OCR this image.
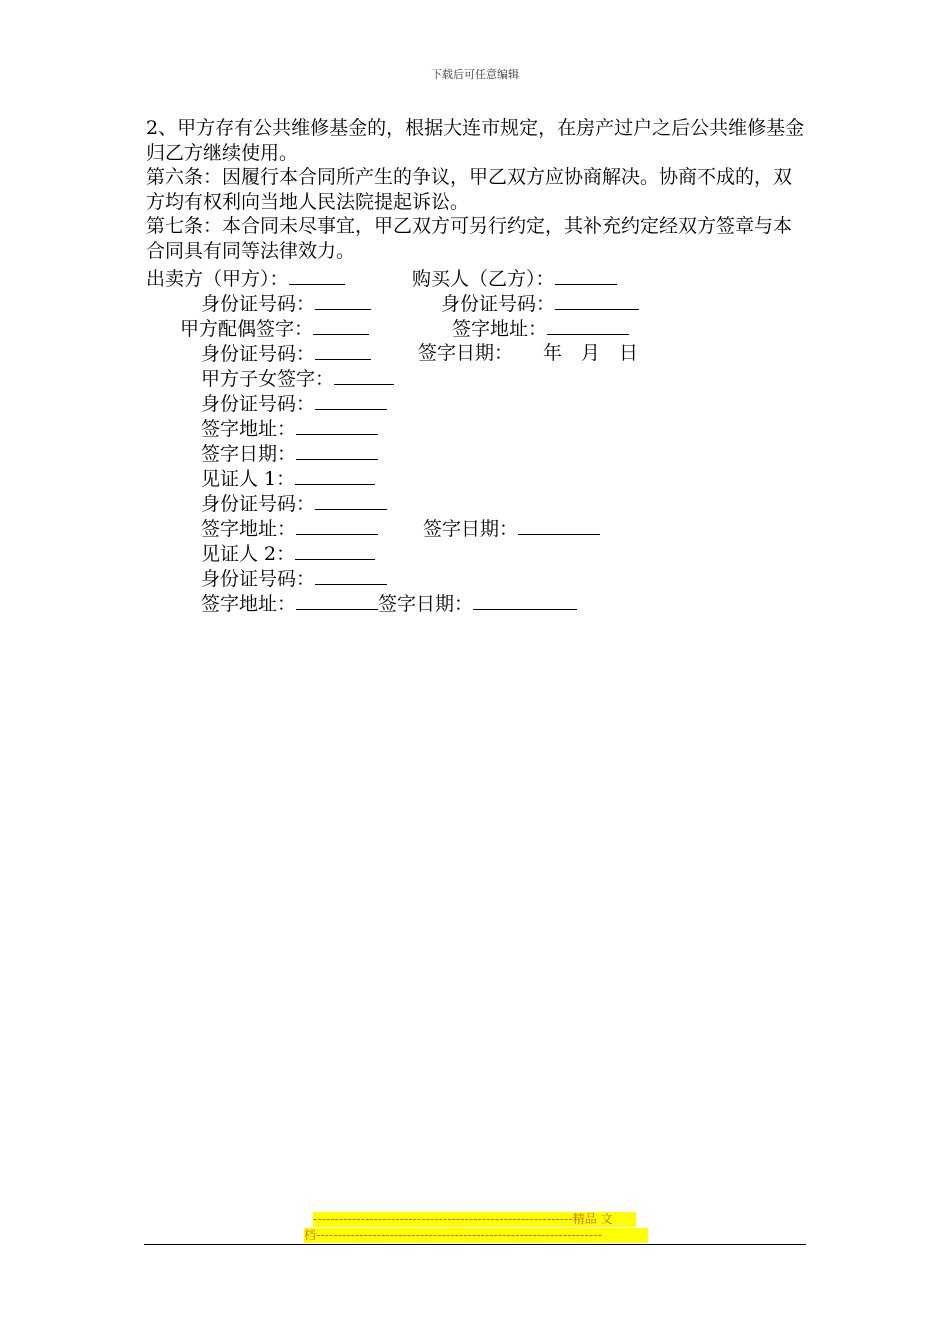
下载后可任意编辑
2、甲方存有公共维修基金的，根据大连市规定，在房产过户之后公共维修基金归乙方继续使用。
第六条：因履行本合同所产生的争议，甲乙双方应协商解决。协商不成的，双方均有权利向当地人民法院提起诉讼。
第七条：本合同未尽事宜，甲乙双方可另行约定，其补充约定经双方签章与本合同具有同等法律效力。
出卖方（甲方）：	购买人（乙方）：
身份证号码：	身份证号码：
甲方配偶签字：	签字地址：
身份证号码：	签字日期： 年　月　日
甲方子女签字：
身份证号码：
签字地址：
签字日期：
见证人 1：
身份证号码：
签字地址：	签字日期：
见证人 2：
身份证号码：
签字地址：	签字日期：
------------------------------------------------------------精品 文
档------------------------------------------------------------------
